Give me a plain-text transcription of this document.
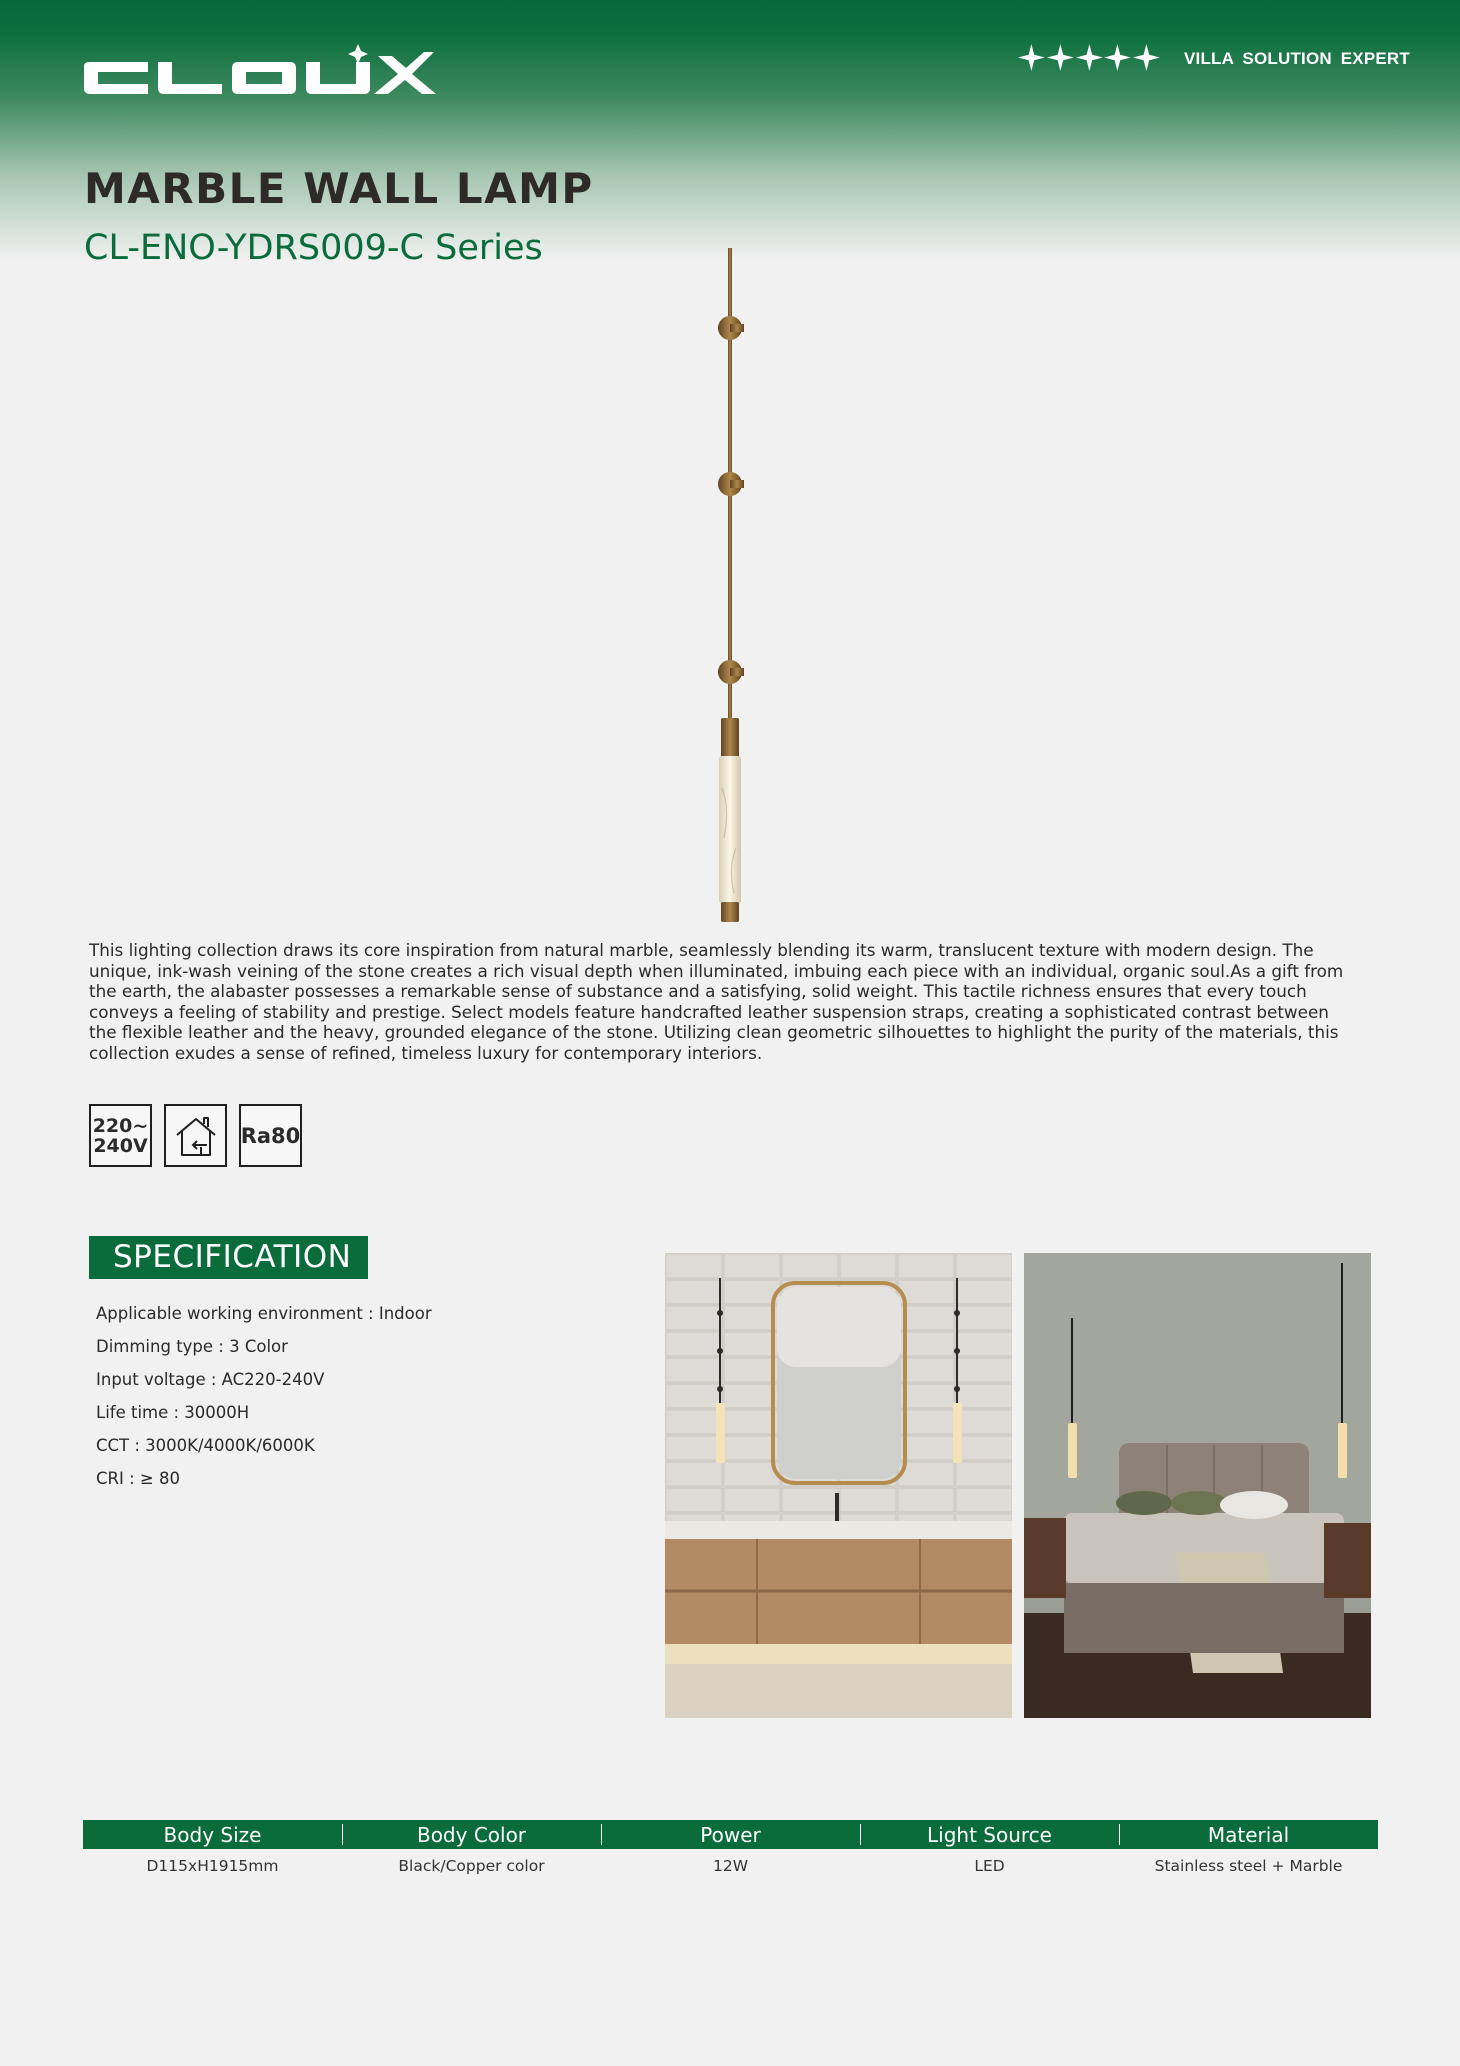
VILLA SOLUTION EXPERT
MARBLE WALL LAMP
CL-ENO-YDRS009-C Series

This lighting collection draws its core inspiration from natural marble, seamlessly blending its warm, translucent texture with modern design. The unique, ink-wash veining of the stone creates a rich visual depth when illuminated, imbuing each piece with an individual, organic soul.As a gift from the earth, the alabaster possesses a remarkable sense of substance and a satisfying, solid weight. This tactile richness ensures that every touch conveys a feeling of stability and prestige. Select models feature handcrafted leather suspension straps, creating a sophisticated contrast between the flexible leather and the heavy, grounded elegance of the stone. Utilizing clean geometric silhouettes to highlight the purity of the materials, this collection exudes a sense of refined, timeless luxury for contemporary interiors.

220~
240V	Ra80
SPECIFICATION
Applicable working environment : Indoor
Dimming type : 3 Color
Input voltage : AC220-240V
Life time : 30000H
CCT : 3000K/4000K/6000K
CRI : ≥ 80
Body Size	Body Color	Power	Light Source	Material
D115xH1915mm	Black/Copper color	12W	LED	Stainless steel + Marble
